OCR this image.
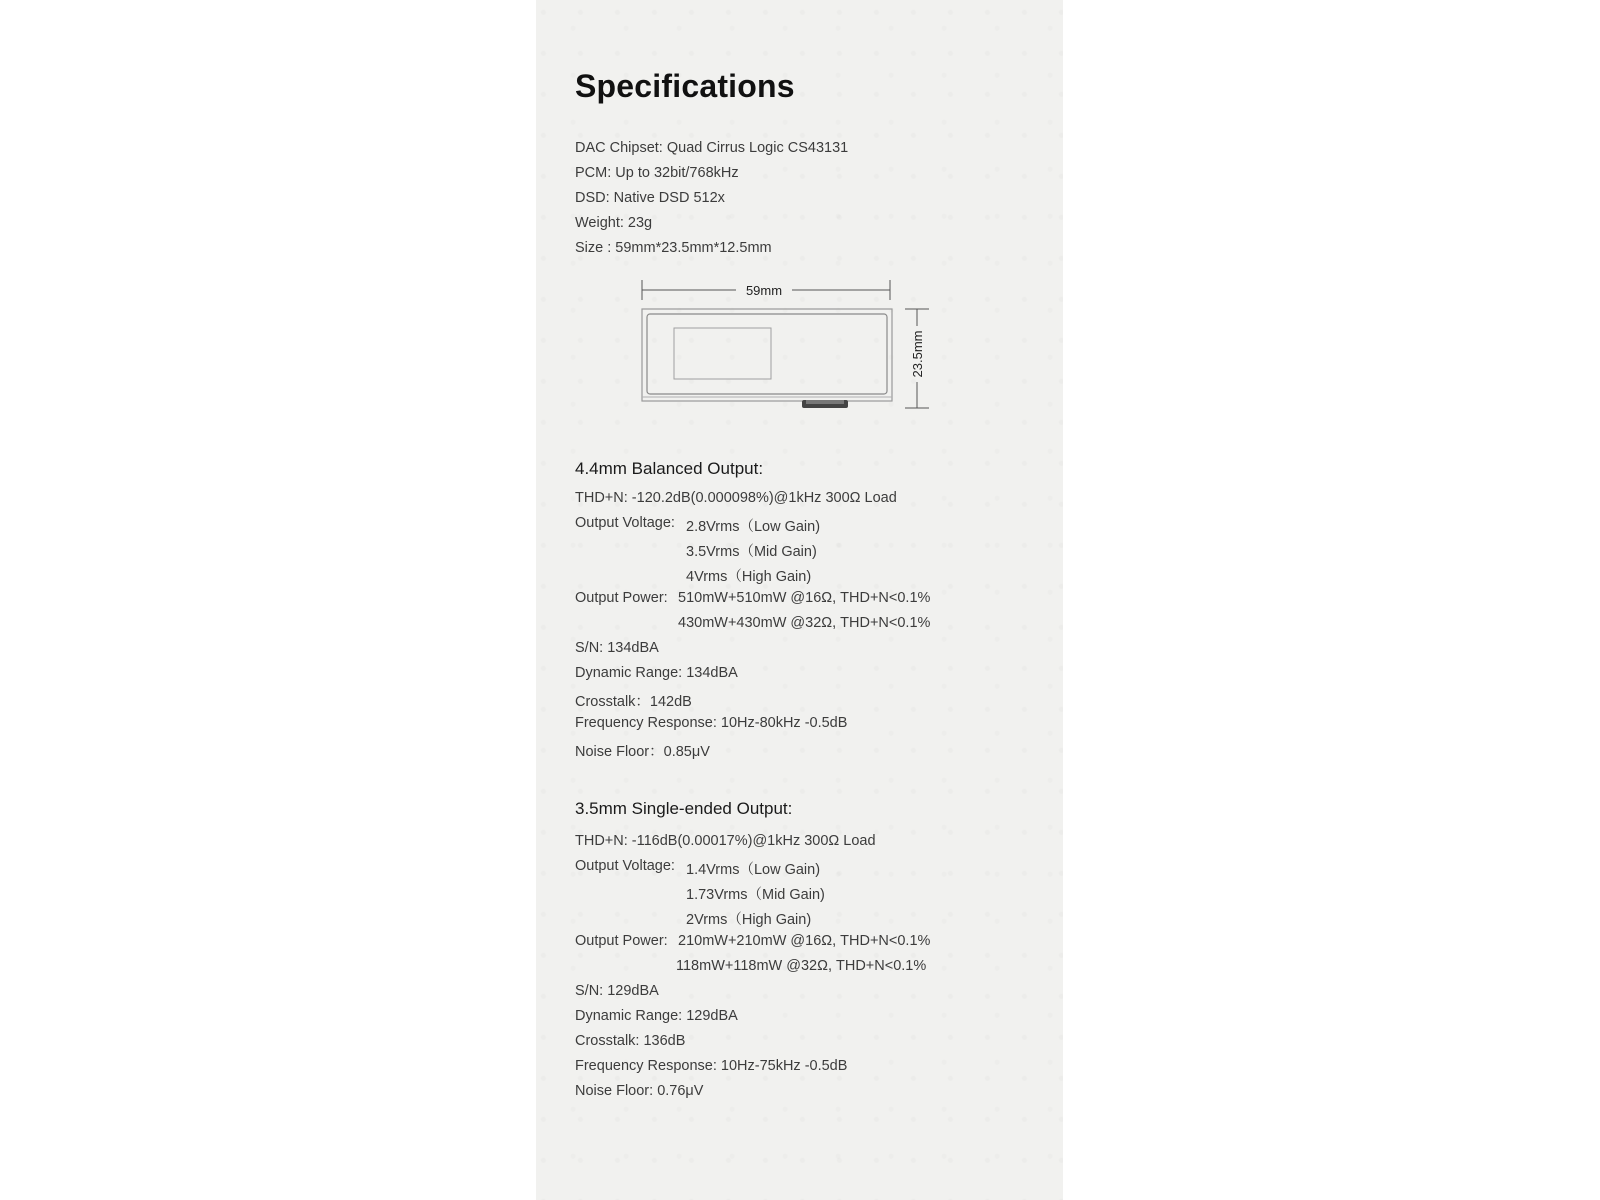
Specifications
DAC Chipset: Quad Cirrus Logic CS43131
PCM: Up to 32bit/768kHz
DSD: Native DSD 512x
Weight: 23g
Size : 59mm*23.5mm*12.5mm
59mm
23.5mm
4.4mm Balanced Output:
THD+N: -120.2dB(0.000098%)@1kHz 300Ω Load
Output Voltage: 2.8Vrms（Low Gain)
3.5Vrms（Mid Gain)
4Vrms（High Gain)
Output Power: 510mW+510mW @16Ω, THD+N<0.1%
430mW+430mW @32Ω, THD+N<0.1%
S/N: 134dBA
Dynamic Range: 134dBA
Crosstalk：142dB
Frequency Response: 10Hz-80kHz -0.5dB
Noise Floor：0.85μV
3.5mm Single-ended Output:
THD+N: -116dB(0.00017%)@1kHz 300Ω Load
Output Voltage: 1.4Vrms（Low Gain)
1.73Vrms（Mid Gain)
2Vrms（High Gain)
Output Power: 210mW+210mW @16Ω, THD+N<0.1%
118mW+118mW @32Ω, THD+N<0.1%
S/N: 129dBA
Dynamic Range: 129dBA
Crosstalk: 136dB
Frequency Response: 10Hz-75kHz -0.5dB
Noise Floor: 0.76μV
